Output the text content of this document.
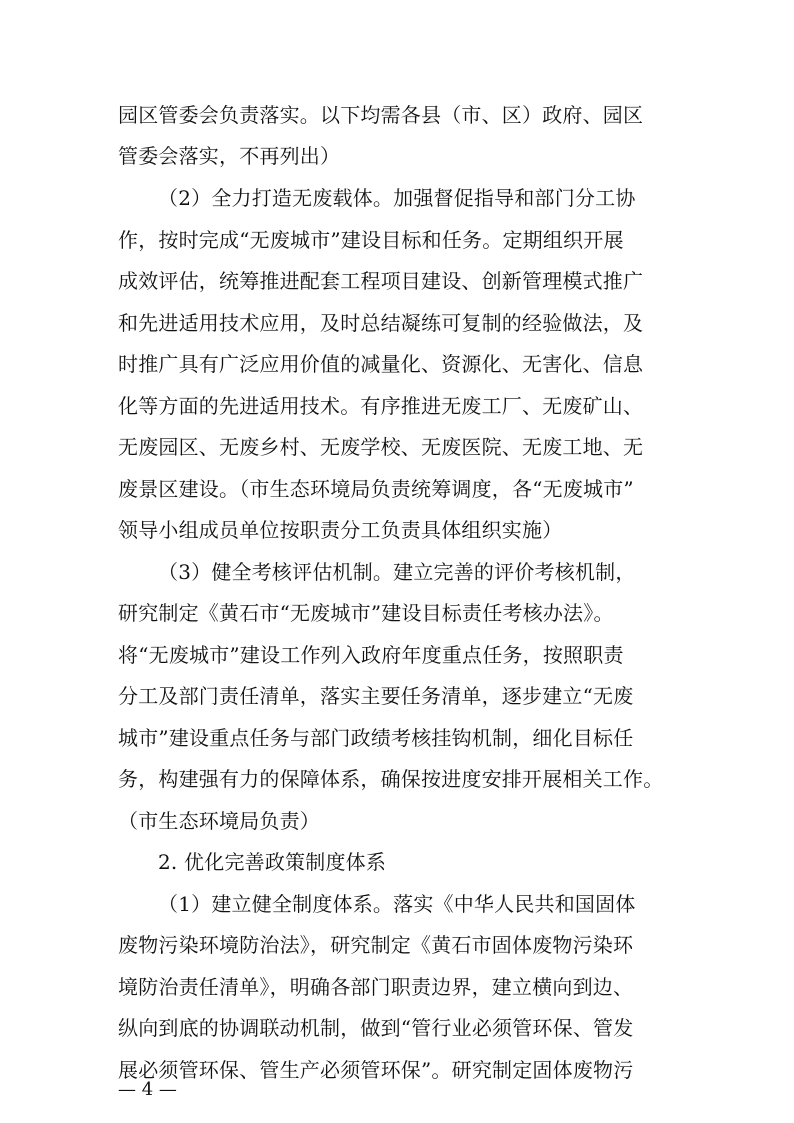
园区管委会负责落实。以下均需各县（市、区）政府、园区
管委会落实，不再列出）
（2）全力打造无废载体。加强督促指导和部门分工协
作，按时完成“无废城市”建设目标和任务。定期组织开展
成效评估，统筹推进配套工程项目建设、创新管理模式推广
和先进适用技术应用，及时总结凝练可复制的经验做法，及
时推广具有广泛应用价值的减量化、资源化、无害化、信息
化等方面的先进适用技术。有序推进无废工厂、无废矿山、
无废园区、无废乡村、无废学校、无废医院、无废工地、无
废景区建设。（市生态环境局负责统筹调度，各“无废城市”
领导小组成员单位按职责分工负责具体组织实施）
（3）健全考核评估机制。建立完善的评价考核机制，
研究制定《黄石市“无废城市”建设目标责任考核办法》。
将“无废城市”建设工作列入政府年度重点任务，按照职责
分工及部门责任清单，落实主要任务清单，逐步建立“无废
城市”建设重点任务与部门政绩考核挂钩机制，细化目标任
务，构建强有力的保障体系，确保按进度安排开展相关工作。
（市生态环境局负责）
2. 优化完善政策制度体系
（1）建立健全制度体系。落实《中华人民共和国固体
废物污染环境防治法》，研究制定《黄石市固体废物污染环
境防治责任清单》，明确各部门职责边界，建立横向到边、
纵向到底的协调联动机制，做到“管行业必须管环保、管发
展必须管环保、管生产必须管环保”。研究制定固体废物污
— 4 —
